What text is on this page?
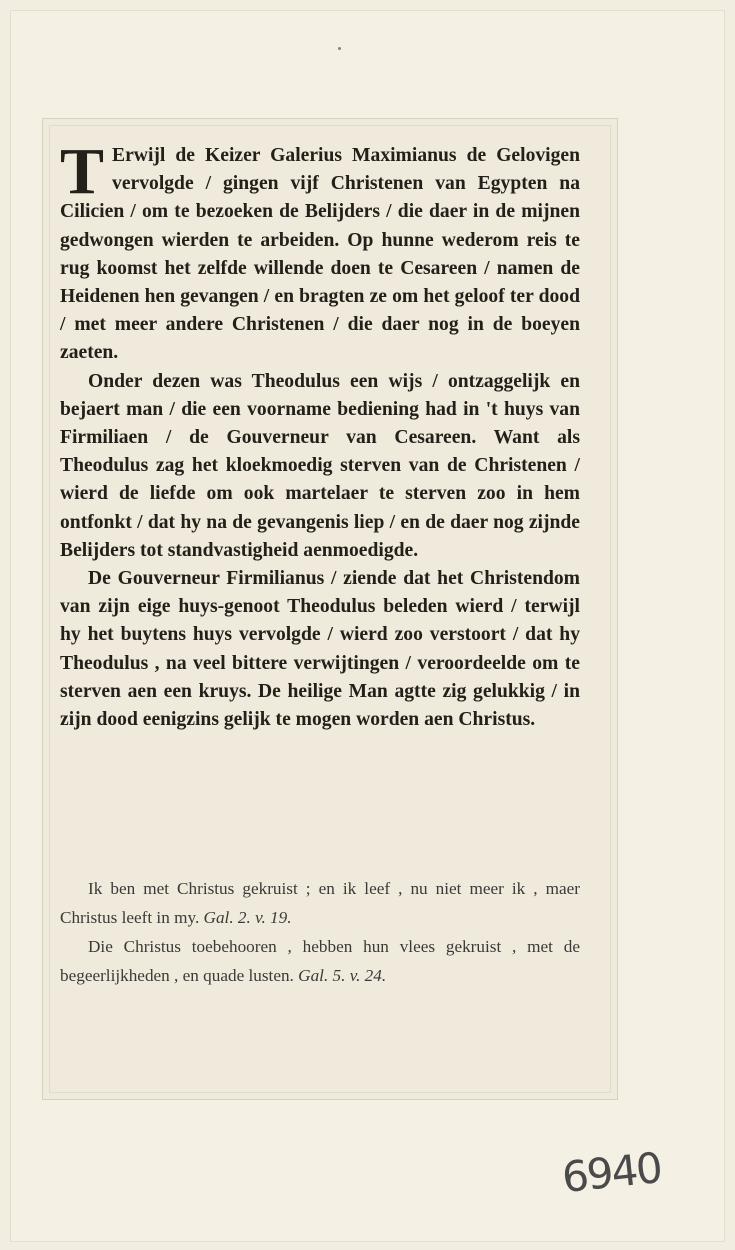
T Erwijl de Keizer Galerius Maximianus de Gelovigen vervolgde / gingen vijf Christenen van Egypten na Cilicien / om te bezoeken de Belijders / die daer in de mijnen gedwongen wierden te arbeiden. Op hunne wederom reis te rug koomst het zelfde willende doen te Cesareen / namen de Heidenen hen gevangen / en bragten ze om het geloof ter dood / met meer andere Christenen / die daer nog in de boeyen zaeten.

Onder dezen was Theodulus een wijs / ontzaggelijk en bejaert man / die een voorname bediening had in 't huys van Firmiliaen / de Gouverneur van Cesareen. Want als Theodulus zag het kloekmoedig sterven van de Christenen / wierd de liefde om ook martelaer te sterven zoo in hem ontfonkt / dat hy na de gevangenis liep / en de daer nog zijnde Belijders tot standvastigheid aenmoedigde.

De Gouverneur Firmilianus / ziende dat het Christendom van zijn eige huys-genoot Theodulus beleden wierd / terwijl hy het buytens huys vervolgde / wierd zoo verstoort / dat hy Theodulus , na veel bittere verwijtingen / veroordeelde om te sterven aen een kruys. De heilige Man agtte zig gelukkig / in zijn dood eenigzins gelijk te mogen worden aen Christus.

Ik ben met Christus gekruist ; en ik leef , nu niet meer ik , maer Christus leeft in my. Gal. 2. v. 19.

Die Christus toebehooren , hebben hun vlees gekruist , met de begeerlijkheden , en quade lusten. Gal. 5. v. 24.

6940
